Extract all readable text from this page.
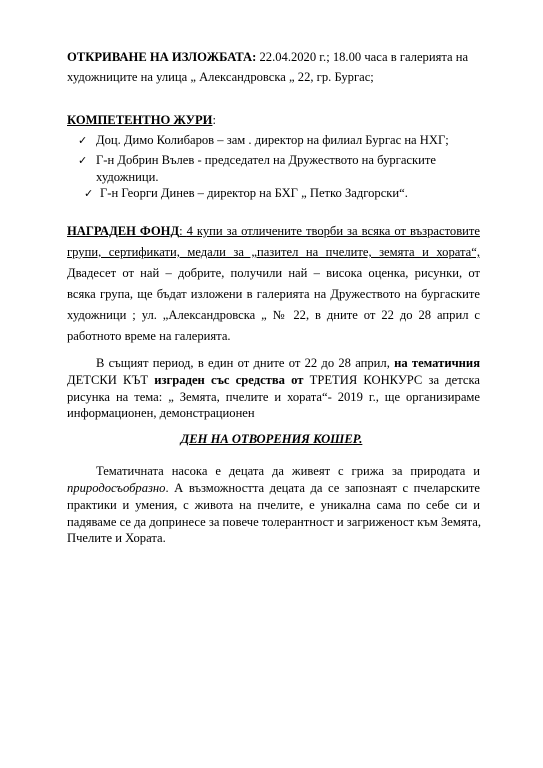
ОТКРИВАНЕ НА ИЗЛОЖБАТА: 22.04.2020 г.; 18.00 часа в галерията на
художниците на улица „ Александровска „ 22, гр. Бургас;
КОМПЕТЕНТНО ЖУРИ:
✓ Доц. Димо Колибаров – зам . директор на филиал Бургас на НХГ;
✓ Г-н Добрин Вълев - председател на Дружеството на бургаските
художници.
✓ Г-н Георги Динев – директор на БХГ „ Петко Задгорски“.
НАГРАДЕН ФОНД: 4 купи за отличените творби за всяка от възрастовите
групи, сертификати, медали за „пазител на пчелите, земята и хората“,
Двадесет от най – добрите, получили най – висока оценка, рисунки, от
всяка група, ще бъдат изложени в галерията на Дружеството на бургаските
художници ; ул. „Александровска „ № 22, в дните от 22 до 28 април с
работното време на галерията.
В същият период, в един от дните от 22 до 28 април, на тематичния
ДЕТСКИ КЪТ изграден със средства от ТРЕТИЯ КОНКУРС за детска
рисунка на тема: „ Земята, пчелите и хората“- 2019 г., ще организираме
информационен, демонстрационен
ДЕН НА ОТВОРЕНИЯ КОШЕР.
Тематичната насока е децата да живеят с грижа за природата и
природосъобразно. А възможността децата да се запознаят с пчеларските
практики и умения, с живота на пчелите, е уникална сама по себе си и
падяваме се да допринесе за повече толерантност и загриженост към Земята,
Пчелите и Хората.
